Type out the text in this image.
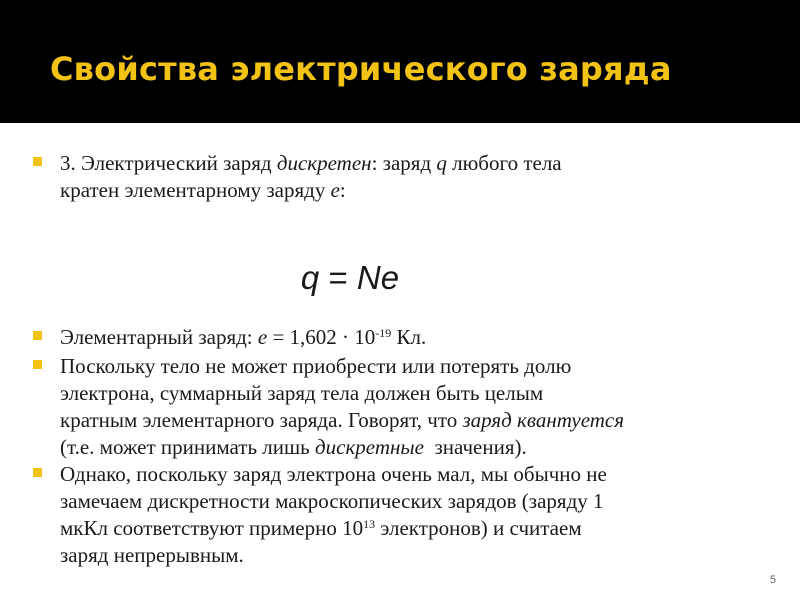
Свойства электрического заряда
3. Электрический заряд дискретен: заряд q любого тела
кратен элементарному заряду e:
q = Ne
Элементарный заряд: $e = 1,602 \cdot 10^{-19}$ Кл.
Поскольку тело не может приобрести или потерять долю
электрона, суммарный заряд тела должен быть целым
кратным элементарного заряда. Говорят, что заряд квантуется
(т.е. может принимать лишь дискретные  значения).
Однако, поскольку заряд электрона очень мал, мы обычно не
замечаем дискретности макроскопических зарядов (заряду 1
мкКл соответствуют примерно $10^{13}$ электронов) и считаем
заряд непрерывным.
5
